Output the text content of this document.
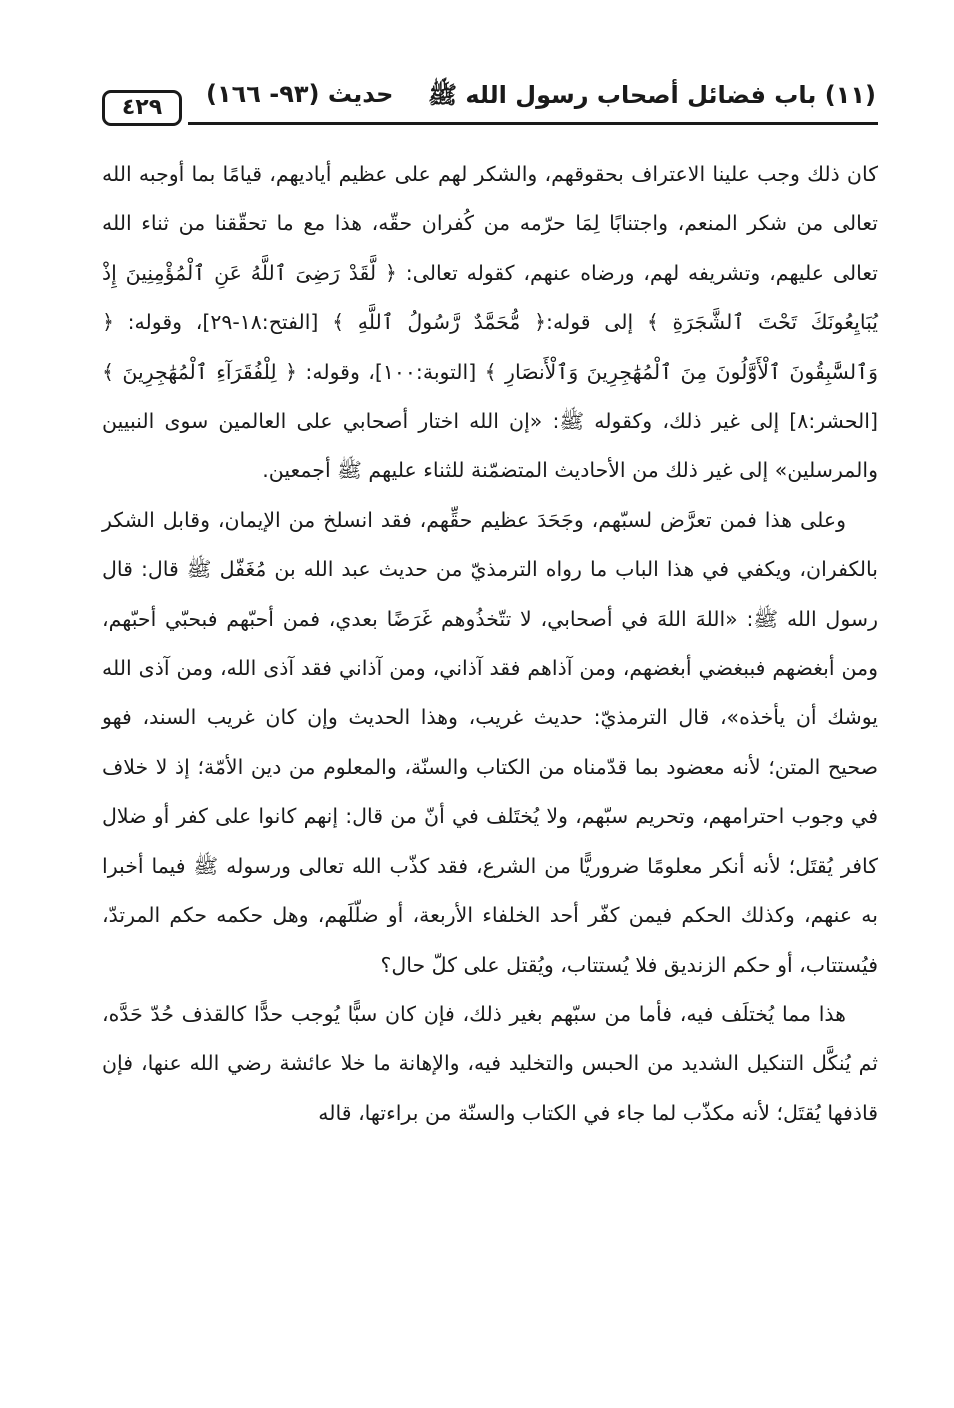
(١١) باب فضائل أصحاب رسول الله ﷺ
حديث (٩٣- ١٦٦)
٤٢٩

كان ذلك وجب علينا الاعتراف بحقوقهم، والشكر لهم على عظيم أياديهم، قيامًا بما أوجبه الله تعالى من شكر المنعم، واجتنابًا لِمَا حرّمه من كُفران حقّه، هذا مع ما تحقّقنا من ثناء الله تعالى عليهم، وتشريفه لهم، ورضاه عنهم، كقوله تعالى: ﴿ لَّقَدْ رَضِىَ ٱللَّهُ عَنِ ٱلْمُؤْمِنِينَ إِذْ يُبَايِعُونَكَ تَحْتَ ٱلشَّجَرَةِ ﴾ إلى قوله:﴿ مُّحَمَّدٌ رَّسُولُ ٱللَّهِ ﴾ [الفتح:١٨-٢٩]، وقوله: ﴿ وَٱلسَّٰبِقُونَ ٱلْأَوَّلُونَ مِنَ ٱلْمُهَٰجِرِينَ وَٱلْأَنصَارِ ﴾ [التوبة:١٠٠]، وقوله: ﴿ لِلْفُقَرَآءِ ٱلْمُهَٰجِرِينَ ﴾ [الحشر:٨] إلى غير ذلك، وكقوله ﷺ: «إن الله اختار أصحابي على العالمين سوى النبيين والمرسلين» إلى غير ذلك من الأحاديث المتضمّنة للثناء عليهم ﷺ أجمعين.

وعلى هذا فمن تعرَّض لسبّهم، وجَحَدَ عظيم حقِّهم، فقد انسلخ من الإيمان، وقابل الشكر بالكفران، ويكفي في هذا الباب ما رواه الترمذيّ من حديث عبد الله بن مُغَفّل ﷺ قال: قال رسول الله ﷺ: «اللهَ اللهَ في أصحابي، لا تتّخذُوهم غَرَضًا بعدي، فمن أحبّهم فبحبّي أحبّهم، ومن أبغضهم فببغضي أبغضهم، ومن آذاهم فقد آذاني، ومن آذاني فقد آذى الله، ومن آذى الله يوشك أن يأخذه»، قال الترمذيّ: حديث غريب، وهذا الحديث وإن كان غريب السند، فهو صحيح المتن؛ لأنه معضود بما قدّمناه من الكتاب والسنّة، والمعلوم من دين الأمّة؛ إذ لا خلاف في وجوب احترامهم، وتحريم سبّهم، ولا يُختَلف في أنّ من قال: إنهم كانوا على كفر أو ضلال كافر يُقتَل؛ لأنه أنكر معلومًا ضروريًّا من الشرع، فقد كذّب الله تعالى ورسوله ﷺ فيما أخبرا به عنهم، وكذلك الحكم فيمن كفّر أحد الخلفاء الأربعة، أو ضلّلَهم، وهل حكمه حكم المرتدّ، فيُستتاب، أو حكم الزنديق فلا يُستتاب، ويُقتل على كلّ حال؟

هذا مما يُختلَف فيه، فأما من سبّهم بغير ذلك، فإن كان سبًّا يُوجب حدًّا كالقذف حُدّ حَدَّه، ثم يُنكَّل التنكيل الشديد من الحبس والتخليد فيه، والإهانة ما خلا عائشة رضي الله عنها، فإن قاذفها يُقتَل؛ لأنه مكذّب لما جاء في الكتاب والسنّة من براءتها، قاله
